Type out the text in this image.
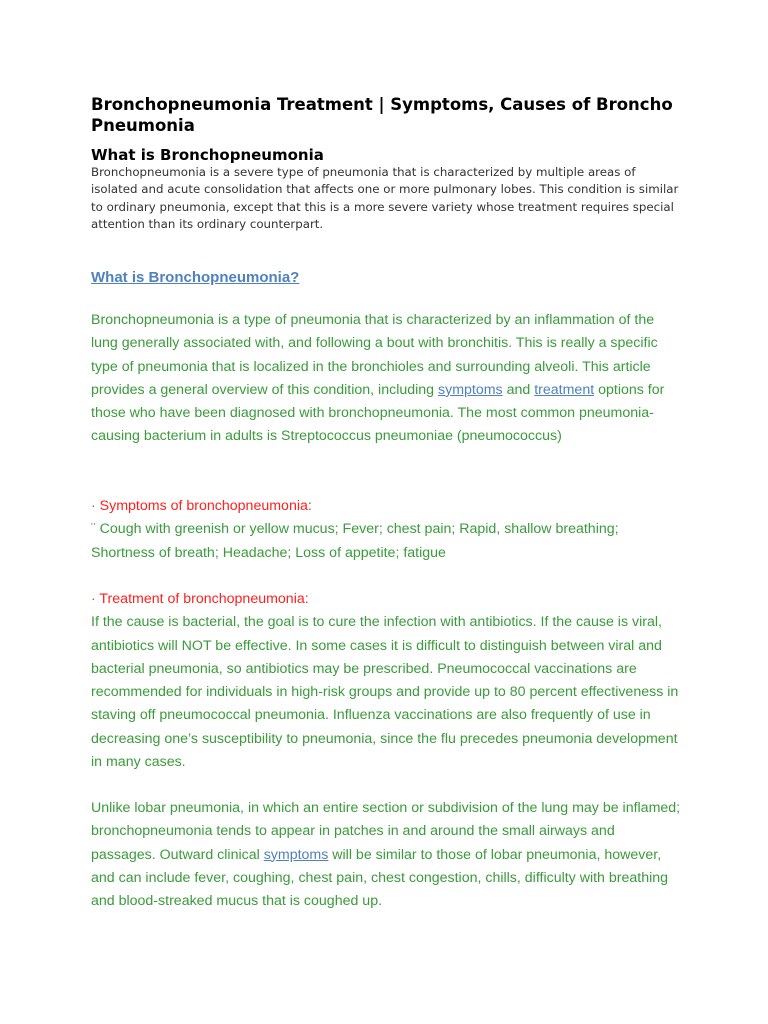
Bronchopneumonia Treatment | Symptoms, Causes of Broncho Pneumonia
What is Bronchopneumonia

Bronchopneumonia is a severe type of pneumonia that is characterized by multiple areas of isolated and acute consolidation that affects one or more pulmonary lobes. This condition is similar to ordinary pneumonia, except that this is a more severe variety whose treatment requires special attention than its ordinary counterpart.

What is Bronchopneumonia?

Bronchopneumonia is a type of pneumonia that is characterized by an inflammation of the lung generally associated with, and following a bout with bronchitis. This is really a specific type of pneumonia that is localized in the bronchioles and surrounding alveoli. This article provides a general overview of this condition, including symptoms and treatment options for those who have been diagnosed with bronchopneumonia. The most common pneumonia-causing bacterium in adults is Streptococcus pneumoniae (pneumococcus)

· Symptoms of bronchopneumonia:
¨ Cough with greenish or yellow mucus; Fever; chest pain; Rapid, shallow breathing; Shortness of breath; Headache; Loss of appetite; fatigue

· Treatment of bronchopneumonia:
If the cause is bacterial, the goal is to cure the infection with antibiotics. If the cause is viral, antibiotics will NOT be effective. In some cases it is difficult to distinguish between viral and bacterial pneumonia, so antibiotics may be prescribed. Pneumococcal vaccinations are recommended for individuals in high-risk groups and provide up to 80 percent effectiveness in staving off pneumococcal pneumonia. Influenza vaccinations are also frequently of use in decreasing one’s susceptibility to pneumonia, since the flu precedes pneumonia development in many cases.

Unlike lobar pneumonia, in which an entire section or subdivision of the lung may be inflamed; bronchopneumonia tends to appear in patches in and around the small airways and passages. Outward clinical symptoms will be similar to those of lobar pneumonia, however, and can include fever, coughing, chest pain, chest congestion, chills, difficulty with breathing and blood-streaked mucus that is coughed up.
